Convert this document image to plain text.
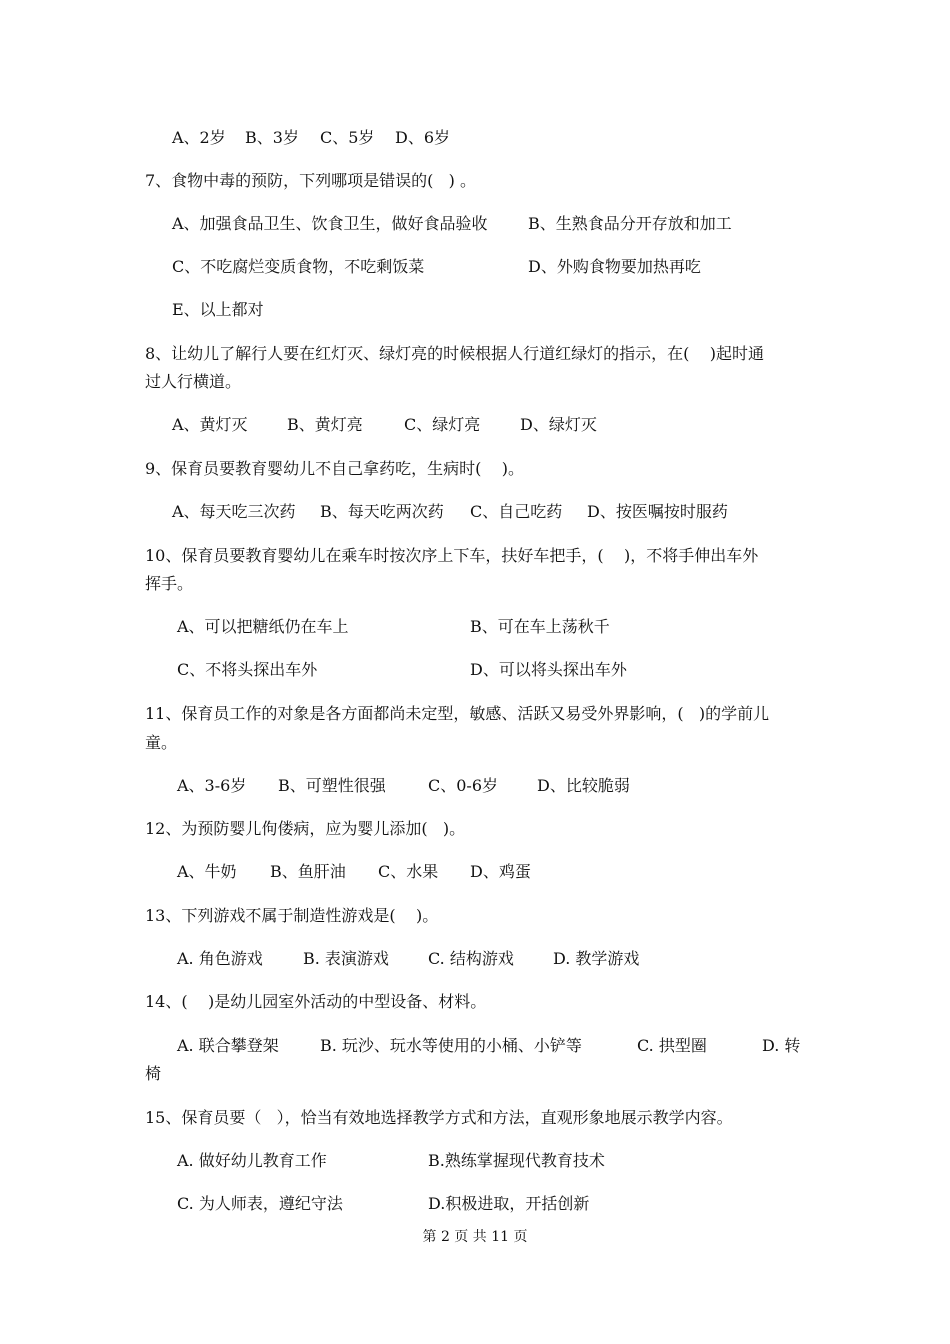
A、2岁 B、3岁 C、5岁 D、6岁
7、食物中毒的预防，下列哪项是错误的(   ) 。
A、加强食品卫生、饮食卫生，做好食品验收	B、生熟食品分开存放和加工
C、不吃腐烂变质食物，不吃剩饭菜	D、外购食物要加热再吃
E、以上都对
8、让幼儿了解行人要在红灯灭、绿灯亮的时候根据人行道红绿灯的指示，在(    )起时通
过人行横道。
A、黄灯灭 B、黄灯亮	C、绿灯亮 D、绿灯灭
9、保育员要教育婴幼儿不自己拿药吃，生病时(    )。
A、每天吃三次药 B、每天吃两次药 C、自己吃药 D、按医嘱按时服药
10、保育员要教育婴幼儿在乘车时按次序上下车，扶好车把手，(    )，不将手伸出车外
挥手。
A、可以把糖纸仍在车上	B、可在车上荡秋千
C、不将头探出车外	D、可以将头探出车外
11、保育员工作的对象是各方面都尚未定型，敏感、活跃又易受外界影响，(   )的学前儿
童。
A、3-6岁 B、可塑性很强	C、0-6岁 D、比较脆弱
12、为预防婴儿佝偻病，应为婴儿添加(   )。
A、牛奶 B、鱼肝油 C、水果 D、鸡蛋
13、下列游戏不属于制造性游戏是(    )。
A. 角色游戏	B. 表演游戏 C. 结构游戏 D. 教学游戏
14、(    )是幼儿园室外活动的中型设备、材料。
A. 联合攀登架	B. 玩沙、玩水等使用的小桶、小铲等	C. 拱型圈	D. 转
椅
15、保育员要（   ），恰当有效地选择教学方式和方法，直观形象地展示教学内容。
A. 做好幼儿教育工作	B.熟练掌握现代教育技术
C. 为人师表，遵纪守法	D.积极进取，开括创新
第 2 页 共 11 页
